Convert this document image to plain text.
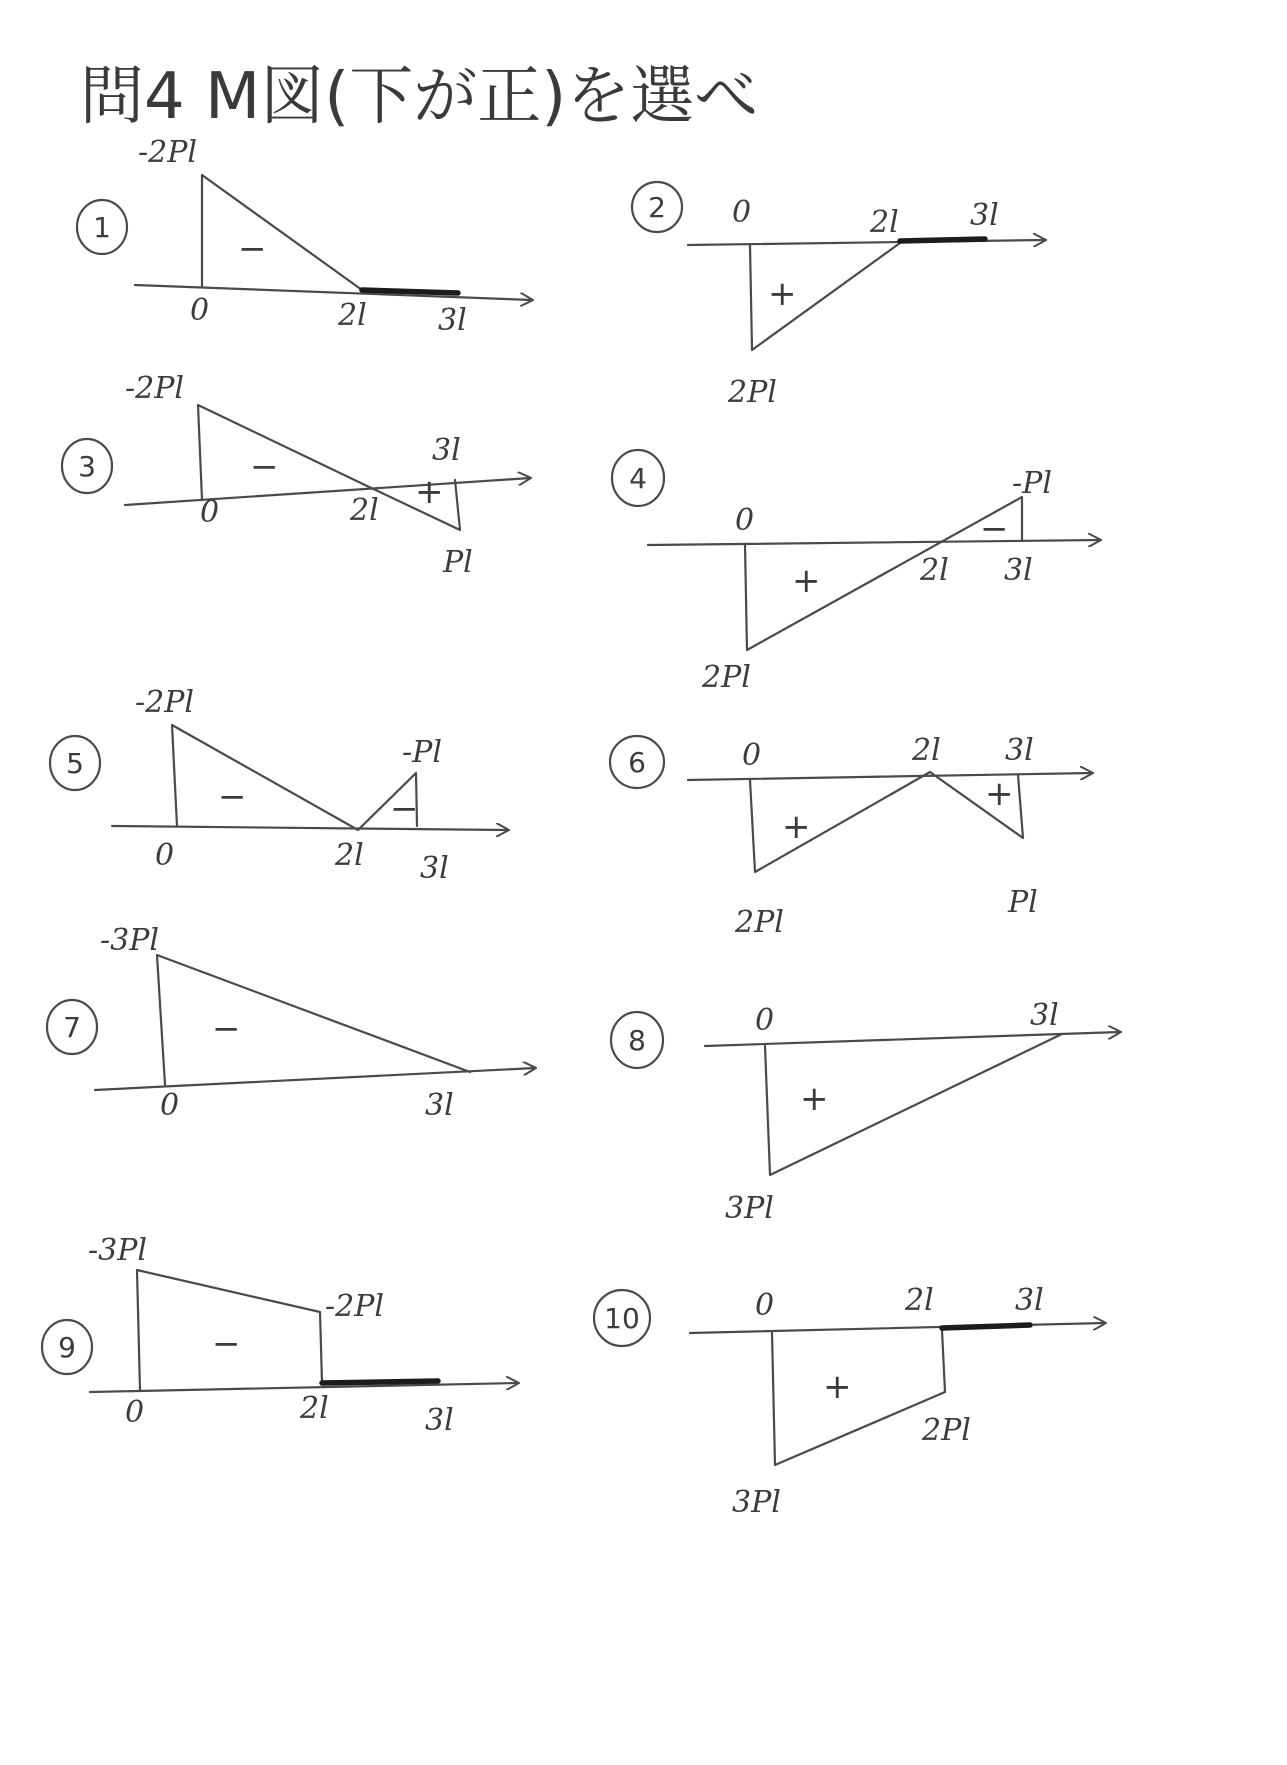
問4 M図(下が正)を選べ
1
-2Pl
0	2l 3l
−
2 0	2l 3l
2Pl
+
3
-2Pl
0	2l
3l
Pl
−
+	4
0
2l 3l
2Pl
-Pl
+
−
5
-2Pl
-Pl
0	2l 3l
−	−
6	0	2l 3l
2Pl
Pl
+
+
7
-3Pl
0	3l
−	8
0	3l
3Pl
+
9
-3Pl
-2Pl
0	2l	3l
−
10	0	2l	3l
2Pl
3Pl
+
